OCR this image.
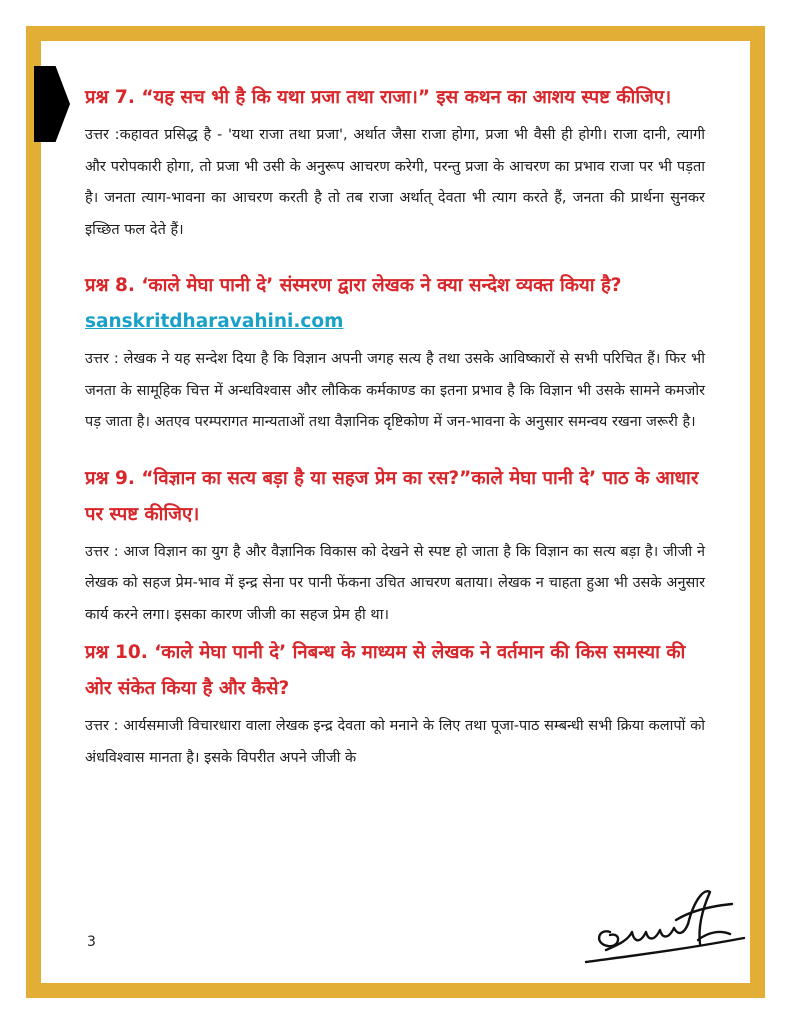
प्रश्न 7. “यह सच भी है कि यथा प्रजा तथा राजा।” इस कथन का आशय स्पष्ट कीजिए।

उत्तर :कहावत प्रसिद्ध है - 'यथा राजा तथा प्रजा', अर्थात जैसा राजा होगा, प्रजा भी वैसी ही होगी। राजा दानी, त्यागी और परोपकारी होगा, तो प्रजा भी उसी के अनुरूप आचरण करेगी, परन्तु प्रजा के आचरण का प्रभाव राजा पर भी पड़ता है। जनता त्याग-भावना का आचरण करती है तो तब राजा अर्थात् देवता भी त्याग करते हैं, जनता की प्रार्थना सुनकर इच्छित फल देते हैं।

प्रश्न 8. ‘काले मेघा पानी दे’ संस्मरण द्वारा लेखक ने क्या सन्देश व्यक्त किया है? sanskritdharavahini.com

उत्तर : लेखक ने यह सन्देश दिया है कि विज्ञान अपनी जगह सत्य है तथा उसके आविष्कारों से सभी परिचित हैं। फिर भी जनता के सामूहिक चित्त में अन्धविश्वास और लौकिक कर्मकाण्ड का इतना प्रभाव है कि विज्ञान भी उसके सामने कमजोर पड़ जाता है। अतएव परम्परागत मान्यताओं तथा वैज्ञानिक दृष्टिकोण में जन-भावना के अनुसार समन्वय रखना जरूरी है।

प्रश्न 9. “विज्ञान का सत्य बड़ा है या सहज प्रेम का रस?”काले मेघा पानी दे’ पाठ के आधार पर स्पष्ट कीजिए।

उत्तर : आज विज्ञान का युग है और वैज्ञानिक विकास को देखने से स्पष्ट हो जाता है कि विज्ञान का सत्य बड़ा है। जीजी ने लेखक को सहज प्रेम-भाव में इन्द्र सेना पर पानी फेंकना उचित आचरण बताया। लेखक न चाहता हुआ भी उसके अनुसार कार्य करने लगा। इसका कारण जीजी का सहज प्रेम ही था।

प्रश्न 10. ‘काले मेघा पानी दे’ निबन्ध के माध्यम से लेखक ने वर्तमान की किस समस्या की ओर संकेत किया है और कैसे?

उत्तर : आर्यसमाजी विचारधारा वाला लेखक इन्द्र देवता को मनाने के लिए तथा पूजा-पाठ सम्बन्धी सभी क्रिया कलापों को अंधविश्वास मानता है। इसके विपरीत अपने जीजी के

3
